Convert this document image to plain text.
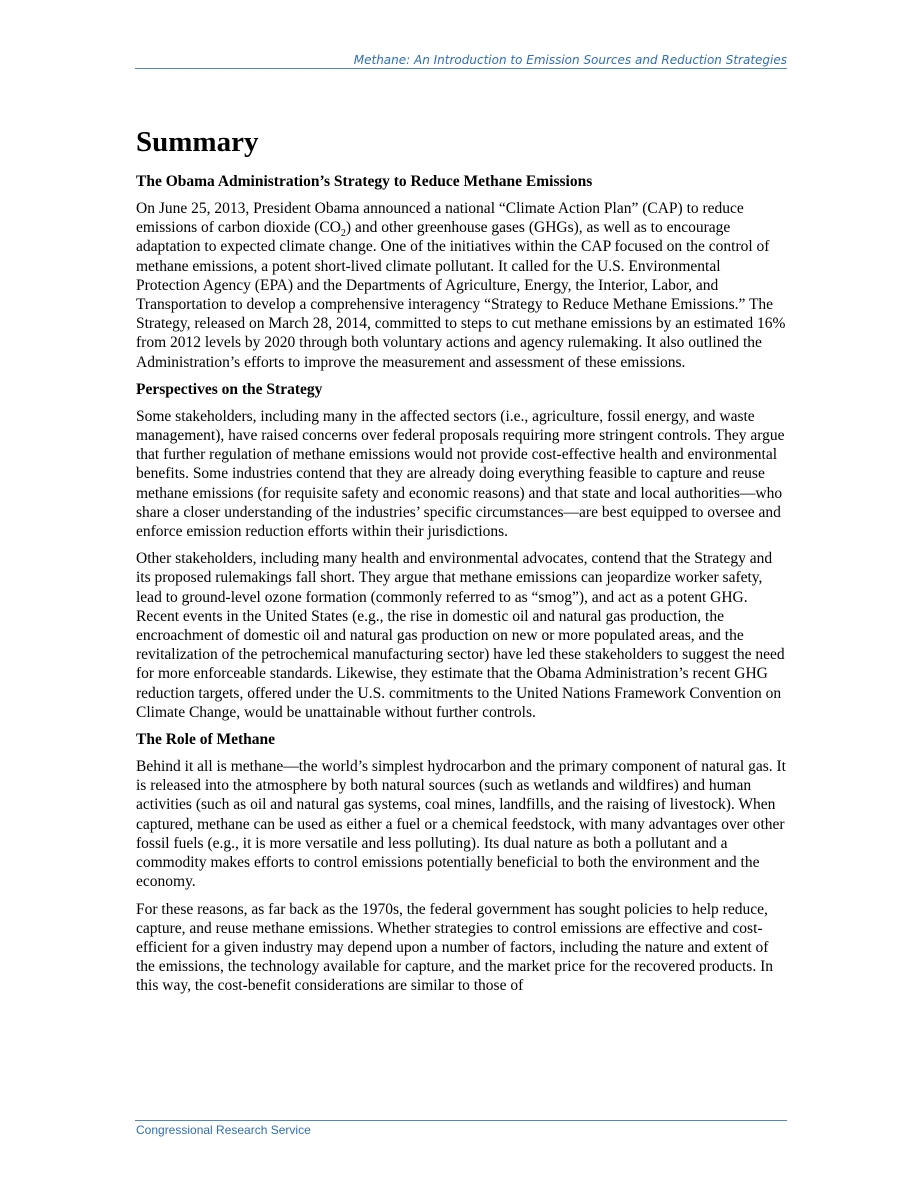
Methane: An Introduction to Emission Sources and Reduction Strategies
Summary
The Obama Administration’s Strategy to Reduce Methane Emissions

On June 25, 2013, President Obama announced a national “Climate Action Plan” (CAP) to reduce emissions of carbon dioxide $(CO_2)$ and other greenhouse gases (GHGs), as well as to encourage adaptation to expected climate change. One of the initiatives within the CAP focused on the control of methane emissions, a potent short-lived climate pollutant. It called for the U.S. Environmental Protection Agency (EPA) and the Departments of Agriculture, Energy, the Interior, Labor, and Transportation to develop a comprehensive interagency “Strategy to Reduce Methane Emissions.” The Strategy, released on March 28, 2014, committed to steps to cut methane emissions by an estimated 16% from 2012 levels by 2020 through both voluntary actions and agency rulemaking. It also outlined the Administration’s efforts to improve the measurement and assessment of these emissions.

Perspectives on the Strategy

Some stakeholders, including many in the affected sectors (i.e., agriculture, fossil energy, and waste management), have raised concerns over federal proposals requiring more stringent controls. They argue that further regulation of methane emissions would not provide cost-effective health and environmental benefits. Some industries contend that they are already doing everything feasible to capture and reuse methane emissions (for requisite safety and economic reasons) and that state and local authorities—who share a closer understanding of the industries’ specific circumstances—are best equipped to oversee and enforce emission reduction efforts within their jurisdictions.

Other stakeholders, including many health and environmental advocates, contend that the Strategy and its proposed rulemakings fall short. They argue that methane emissions can jeopardize worker safety, lead to ground-level ozone formation (commonly referred to as “smog”), and act as a potent GHG. Recent events in the United States (e.g., the rise in domestic oil and natural gas production, the encroachment of domestic oil and natural gas production on new or more populated areas, and the revitalization of the petrochemical manufacturing sector) have led these stakeholders to suggest the need for more enforceable standards. Likewise, they estimate that the Obama Administration’s recent GHG reduction targets, offered under the U.S. commitments to the United Nations Framework Convention on Climate Change, would be unattainable without further controls.

The Role of Methane

Behind it all is methane—the world’s simplest hydrocarbon and the primary component of natural gas. It is released into the atmosphere by both natural sources (such as wetlands and wildfires) and human activities (such as oil and natural gas systems, coal mines, landfills, and the raising of livestock). When captured, methane can be used as either a fuel or a chemical feedstock, with many advantages over other fossil fuels (e.g., it is more versatile and less polluting). Its dual nature as both a pollutant and a commodity makes efforts to control emissions potentially beneficial to both the environment and the economy.

For these reasons, as far back as the 1970s, the federal government has sought policies to help reduce, capture, and reuse methane emissions. Whether strategies to control emissions are effective and cost-efficient for a given industry may depend upon a number of factors, including the nature and extent of the emissions, the technology available for capture, and the market price for the recovered products. In this way, the cost-benefit considerations are similar to those of

Congressional Research Service
